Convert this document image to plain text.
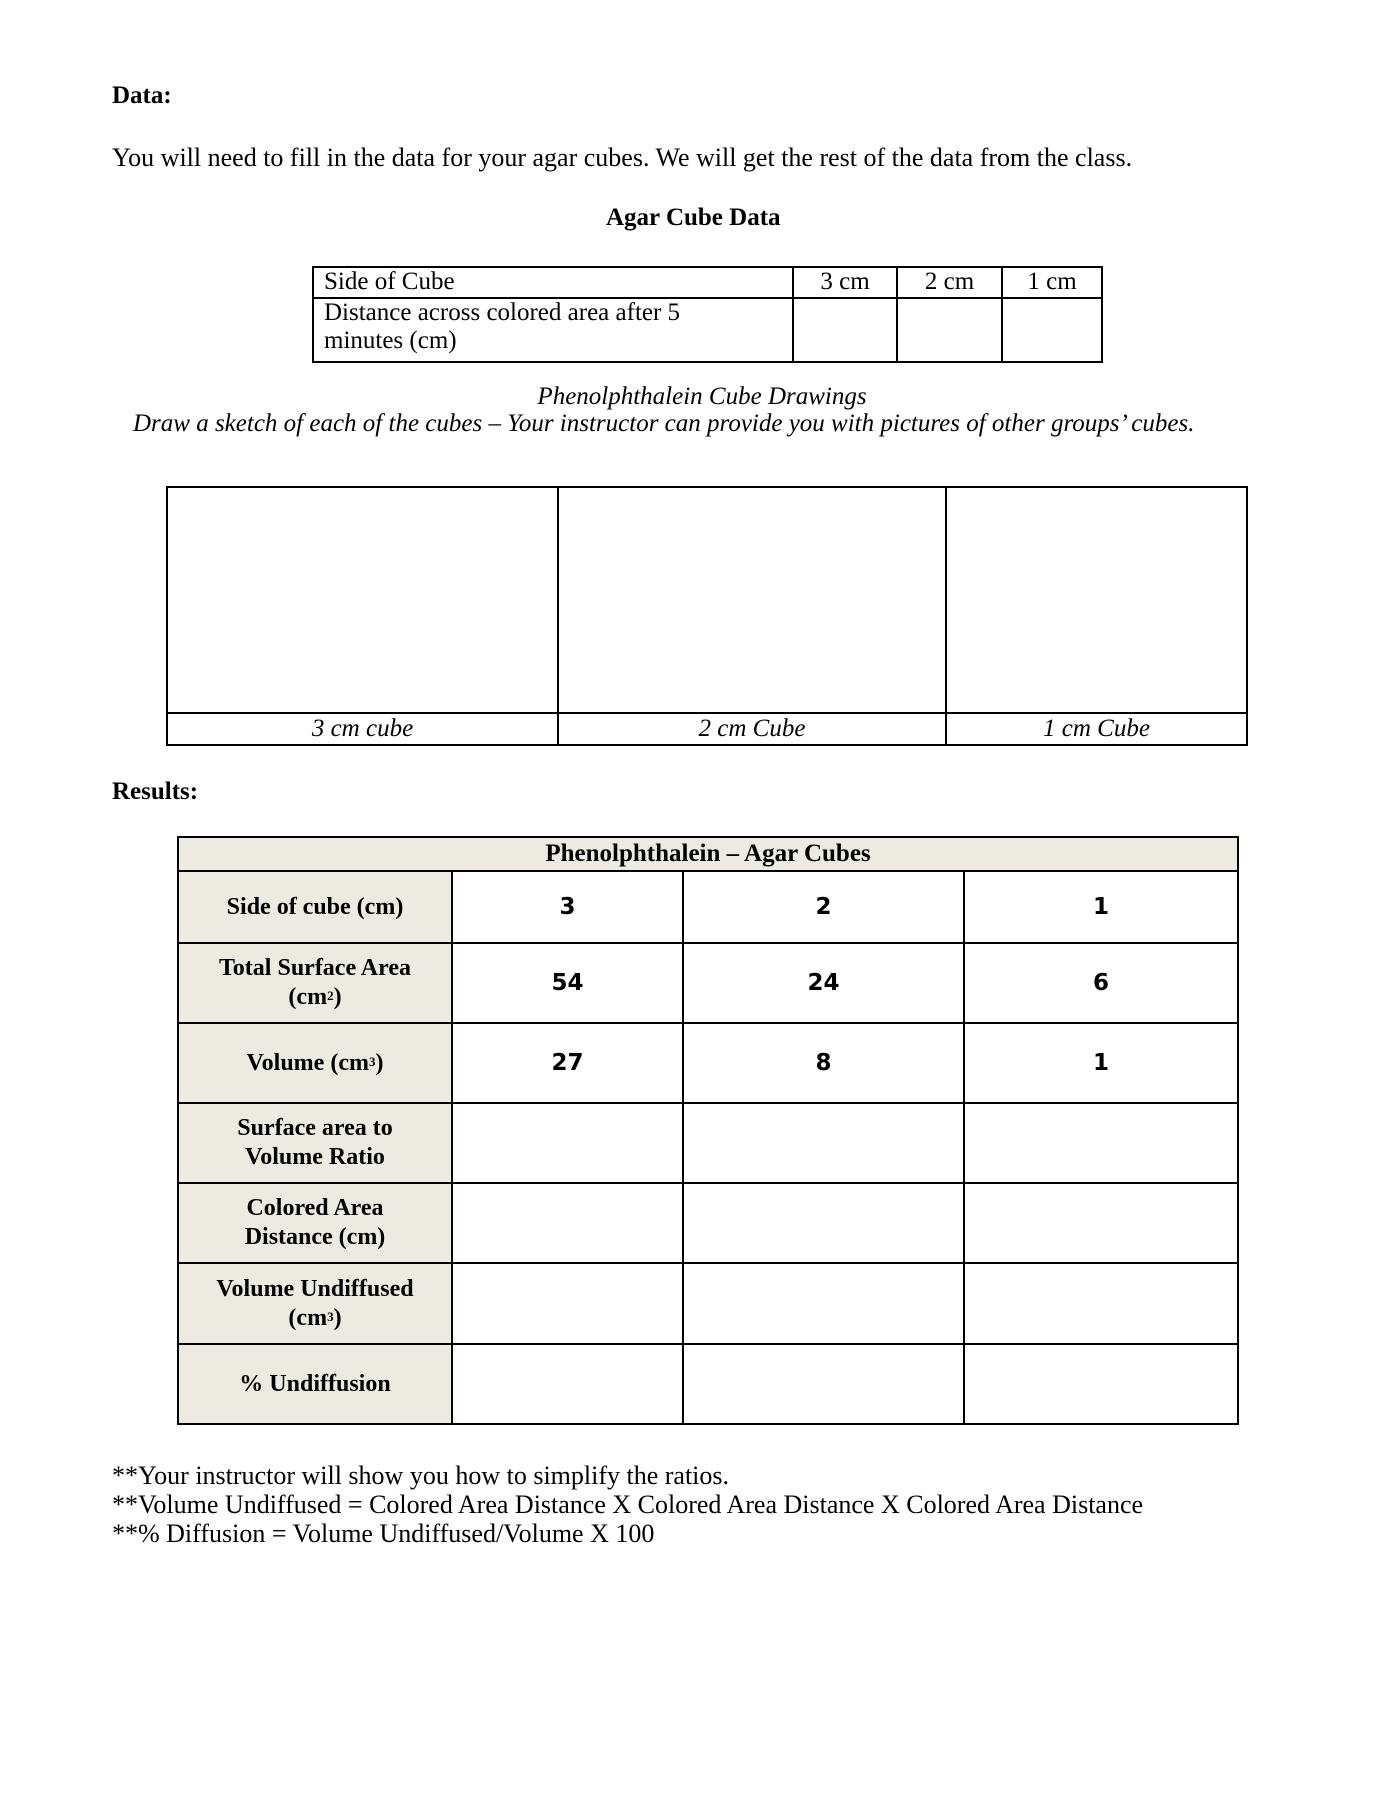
Data:
You will need to fill in the data for your agar cubes. We will get the rest of the data from the class.
Agar Cube Data
Side of Cube	3 cm	2 cm	1 cm

Distance across colored area after 5
minutes (cm)			

Phenolphthalein Cube Drawings
Draw a sketch of each of the cubes – Your instructor can provide you with pictures of other groups’ cubes.

3 cm cube	2 cm Cube	1 cm Cube
Results:
Phenolphthalein – Agar Cubes			
Side of cube (cm)	3	2	1

Total Surface Area
$(cm^2)$	54	24	6
Volume $(cm^3)$	27	8	1

Surface area to
Volume Ratio			

Colored Area
Distance (cm)			

Volume Undiffused
$(cm^3)$			

% Undiffusion			
**Your instructor will show you how to simplify the ratios.
**Volume Undiffused = Colored Area Distance X Colored Area Distance X Colored Area Distance
**% Diffusion = Volume Undiffused/Volume X 100
